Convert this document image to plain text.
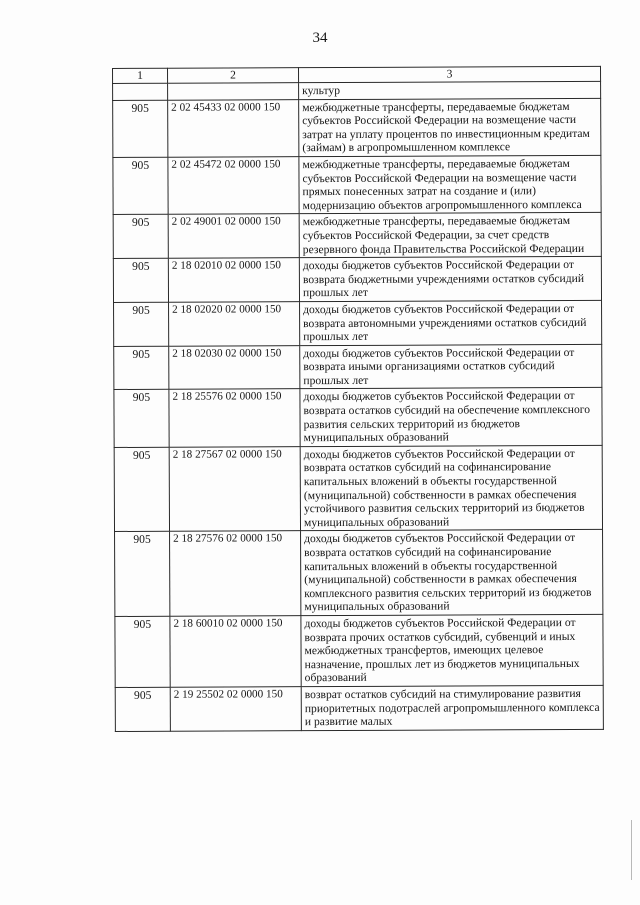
34
1	2	3
		культур
905	2 02 45433 02 0000 150	межбюджетные трансферты, передаваемые бюджетам субъектов Российской Федерации на возмещение части затрат на уплату процентов по инвестиционным кредитам (займам) в агропромышленном комплексе
905	2 02 45472 02 0000 150	межбюджетные трансферты, передаваемые бюджетам субъектов Российской Федерации на возмещение части прямых понесенных затрат на создание и (или) модернизацию объектов агропромышленного комплекса
905	2 02 49001 02 0000 150	межбюджетные трансферты, передаваемые бюджетам субъектов Российской Федерации, за счет средств резервного фонда Правительства Российской Федерации
905	2 18 02010 02 0000 150	доходы бюджетов субъектов Российской Федерации от возврата бюджетными учреждениями остатков субсидий прошлых лет
905	2 18 02020 02 0000 150	доходы бюджетов субъектов Российской Федерации от возврата автономными учреждениями остатков субсидий прошлых лет
905	2 18 02030 02 0000 150	доходы бюджетов субъектов Российской Федерации от возврата иными организациями остатков субсидий прошлых лет
905	2 18 25576 02 0000 150	доходы бюджетов субъектов Российской Федерации от возврата остатков субсидий на обеспечение комплексного развития сельских территорий из бюджетов муниципальных образований
905	2 18 27567 02 0000 150	доходы бюджетов субъектов Российской Федерации от возврата остатков субсидий на софинансирование капитальных вложений в объекты государственной (муниципальной) собственности в рамках обеспечения устойчивого развития сельских территорий из бюджетов муниципальных образований
905	2 18 27576 02 0000 150	доходы бюджетов субъектов Российской Федерации от возврата остатков субсидий на софинансирование капитальных вложений в объекты государственной (муниципальной) собственности в рамках обеспечения комплексного развития сельских территорий из бюджетов муниципальных образований
905	2 18 60010 02 0000 150	доходы бюджетов субъектов Российской Федерации от возврата прочих остатков субсидий, субвенций и иных межбюджетных трансфертов, имеющих целевое назначение, прошлых лет из бюджетов муниципальных образований
905	2 19 25502 02 0000 150	возврат остатков субсидий на стимулирование развития приоритетных подотраслей агропромышленного комплекса и развитие малых
